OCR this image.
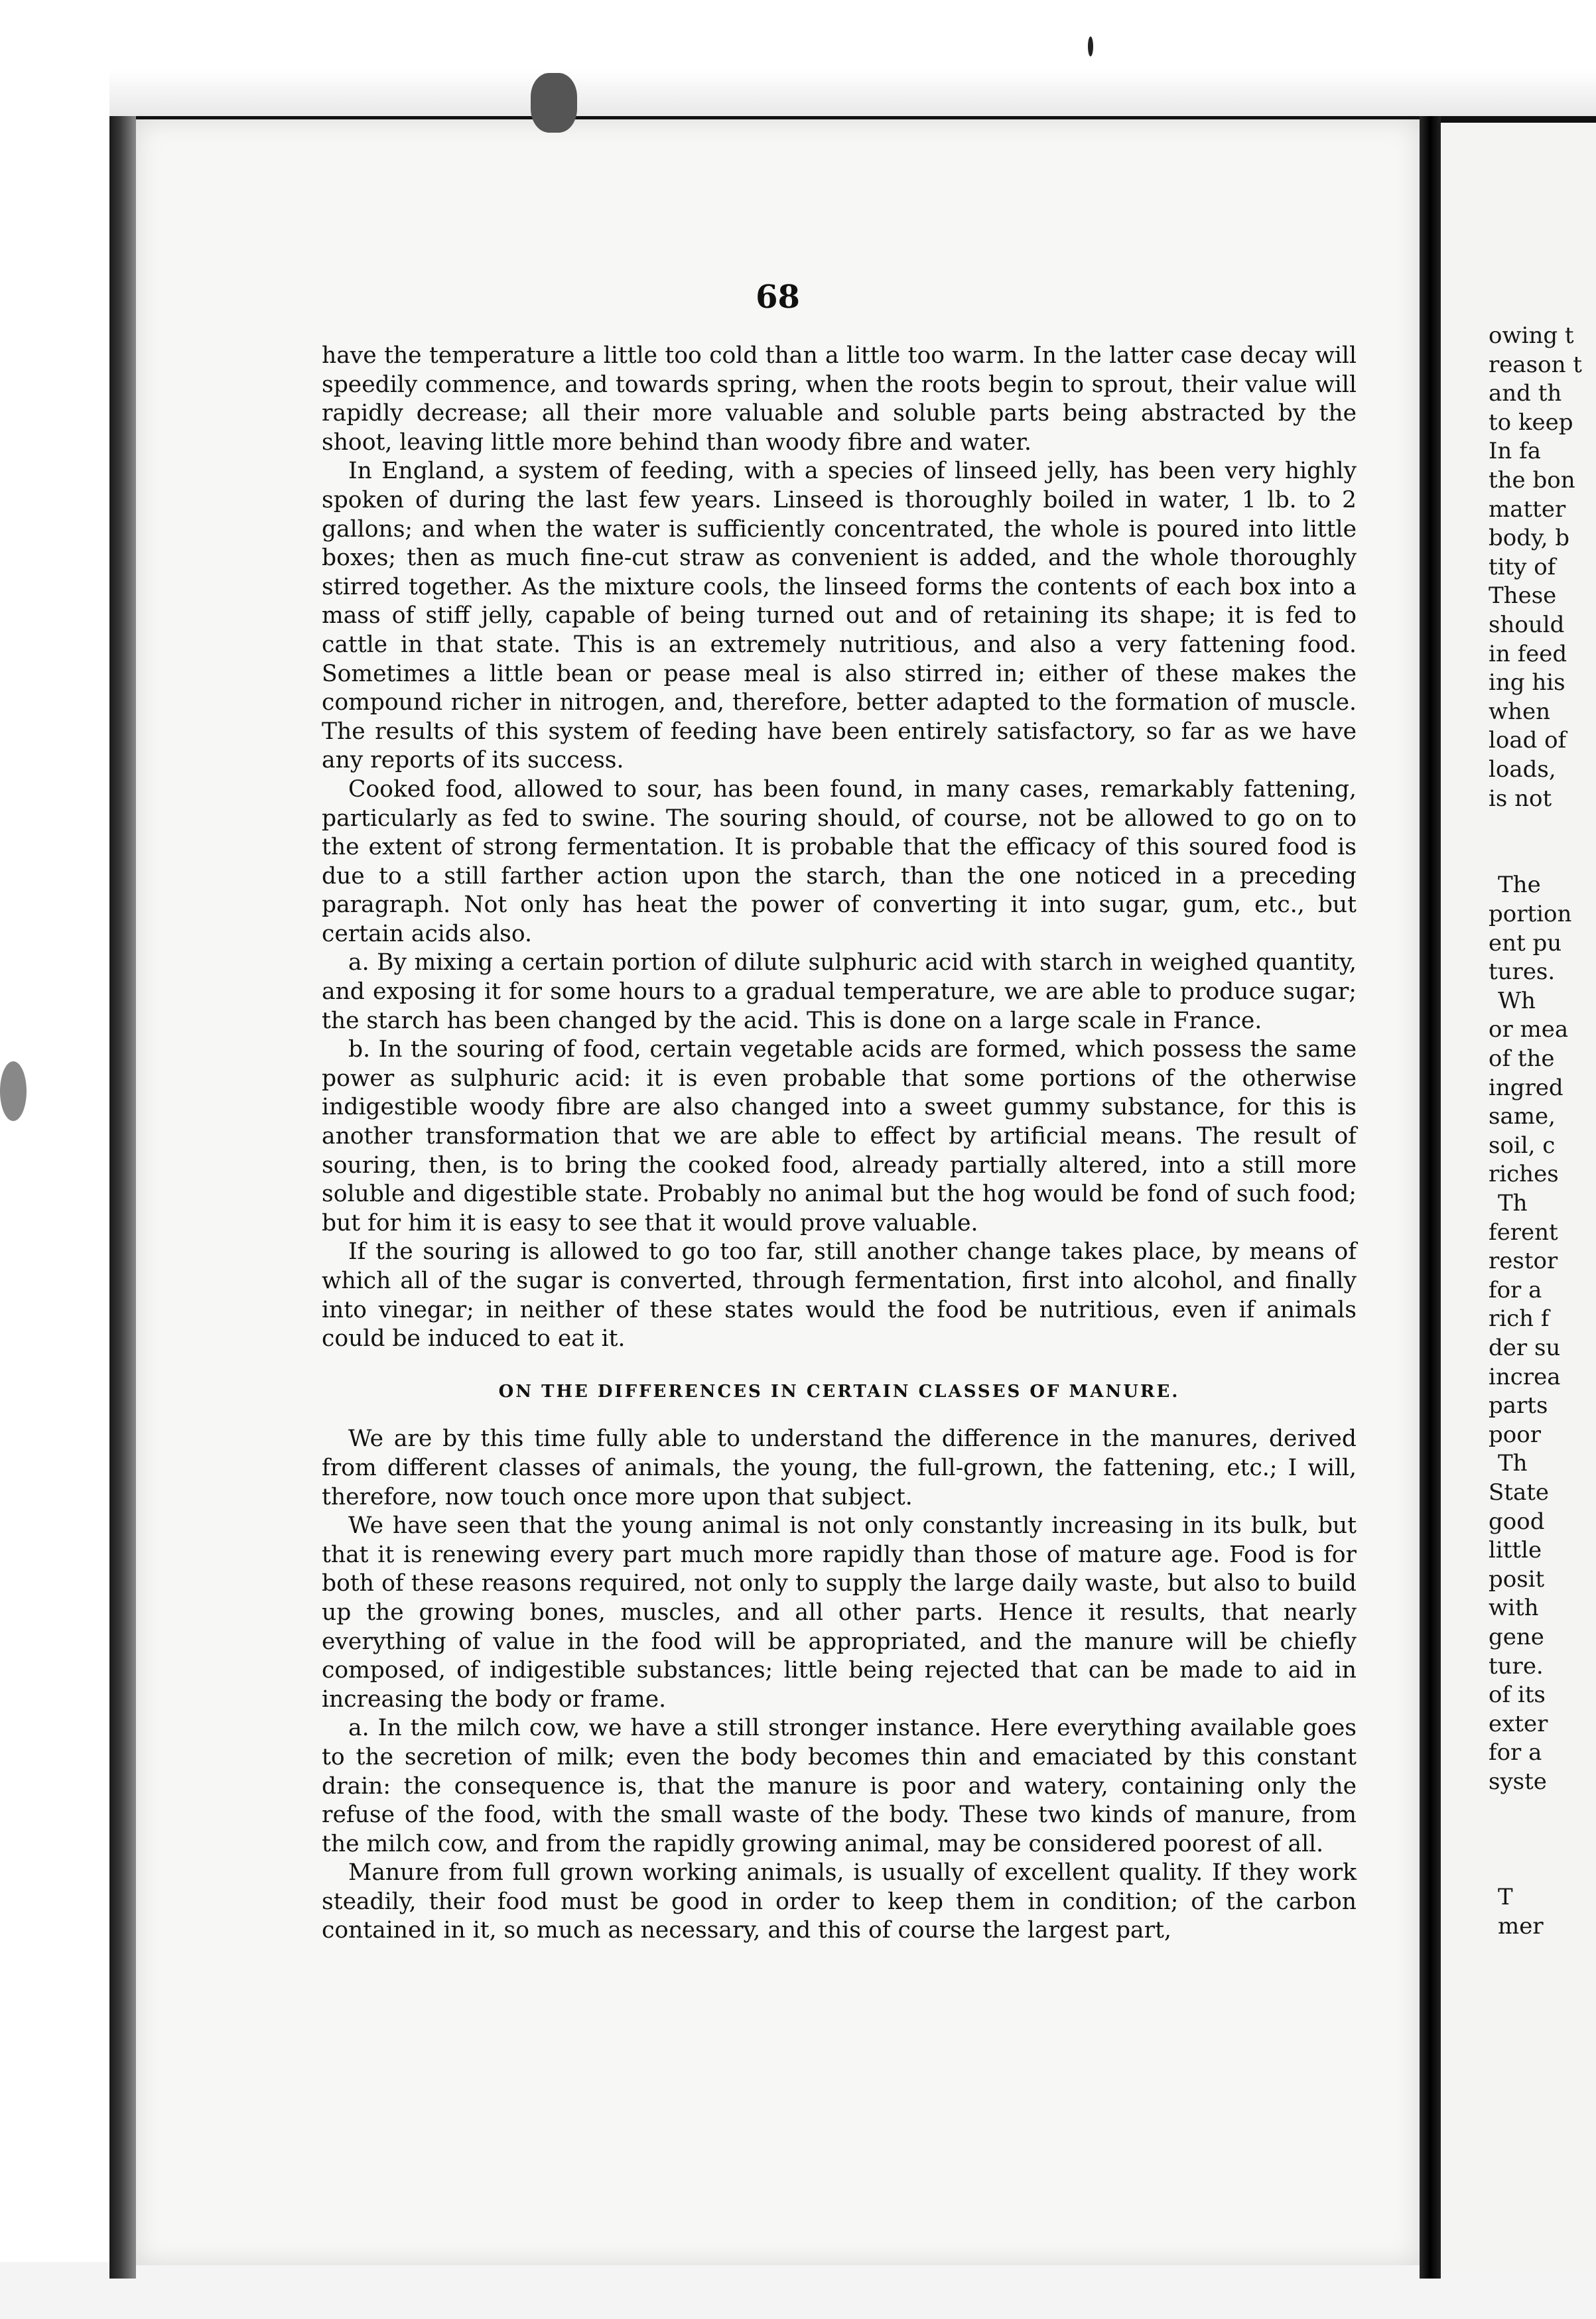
68

have the temperature a little too cold than a little too warm. In the latter case decay will speedily commence, and towards spring, when the roots begin to sprout, their value will rapidly decrease; all their more valuable and soluble parts being abstracted by the shoot, leaving little more behind than woody fibre and water.

In England, a system of feeding, with a species of linseed jelly, has been very highly spoken of during the last few years. Linseed is thoroughly boiled in water, 1 lb. to 2 gallons; and when the water is sufficiently concentrated, the whole is poured into little boxes; then as much fine-cut straw as convenient is added, and the whole thoroughly stirred together. As the mixture cools, the linseed forms the contents of each box into a mass of stiff jelly, capable of being turned out and of retaining its shape; it is fed to cattle in that state. This is an extremely nutritious, and also a very fattening food. Sometimes a little bean or pease meal is also stirred in; either of these makes the compound richer in nitrogen, and, therefore, better adapted to the formation of muscle. The results of this system of feeding have been entirely satisfactory, so far as we have any reports of its success.

Cooked food, allowed to sour, has been found, in many cases, remarkably fattening, particularly as fed to swine. The souring should, of course, not be allowed to go on to the extent of strong fermentation. It is probable that the efficacy of this soured food is due to a still farther action upon the starch, than the one noticed in a preceding paragraph. Not only has heat the power of converting it into sugar, gum, etc., but certain acids also.

a. By mixing a certain portion of dilute sulphuric acid with starch in weighed quantity, and exposing it for some hours to a gradual temperature, we are able to produce sugar; the starch has been changed by the acid. This is done on a large scale in France.

b. In the souring of food, certain vegetable acids are formed, which possess the same power as sulphuric acid: it is even probable that some portions of the otherwise indigestible woody fibre are also changed into a sweet gummy substance, for this is another transformation that we are able to effect by artificial means. The result of souring, then, is to bring the cooked food, already partially altered, into a still more soluble and digestible state. Probably no animal but the hog would be fond of such food; but for him it is easy to see that it would prove valuable.

If the souring is allowed to go too far, still another change takes place, by means of which all of the sugar is converted, through fermentation, first into alcohol, and finally into vinegar; in neither of these states would the food be nutritious, even if animals could be induced to eat it.

ON THE DIFFERENCES IN CERTAIN CLASSES OF MANURE.

We are by this time fully able to understand the difference in the manures, derived from different classes of animals, the young, the full-grown, the fattening, etc.; I will, therefore, now touch once more upon that subject.

We have seen that the young animal is not only constantly increasing in its bulk, but that it is renewing every part much more rapidly than those of mature age. Food is for both of these reasons required, not only to supply the large daily waste, but also to build up the growing bones, muscles, and all other parts. Hence it results, that nearly everything of value in the food will be appropriated, and the manure will be chiefly composed, of indigestible substances; little being rejected that can be made to aid in increasing the body or frame.

a. In the milch cow, we have a still stronger instance. Here everything available goes to the secretion of milk; even the body becomes thin and emaciated by this constant drain: the consequence is, that the manure is poor and watery, containing only the refuse of the food, with the small waste of the body. These two kinds of manure, from the milch cow, and from the rapidly growing animal, may be considered poorest of all.

Manure from full grown working animals, is usually of excellent quality. If they work steadily, their food must be good in order to keep them in condition; of the carbon contained in it, so much as necessary, and this of course the largest part,

owing t
reason t
and th
to keep
In fa
the bon
matter
body, b
tity of
These
should
in feed
ing his
when
load of
loads,
is not
The
portion
ent pu
tures.
Wh
or mea
of the
ingred
same,
soil, c
riches
Th
ferent
restor
for a
rich f
der su
increa
parts
poor
Th
State
good
little
posit
with
gene
ture.
of its
exter
for a
syste
T
mer
